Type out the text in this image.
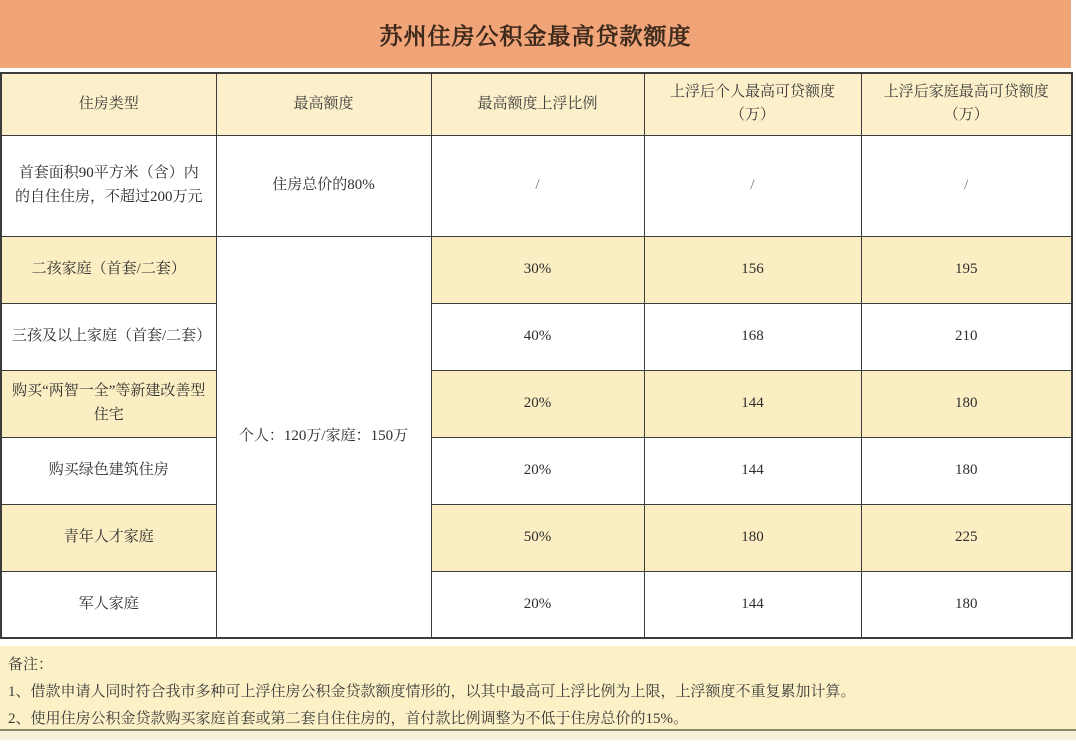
苏州住房公积金最高贷款额度
住房类型	最高额度	最高额度上浮比例	上浮后个人最高可贷额度（万）	上浮后家庭最高可贷额度（万）
首套面积90平方米（含）内的自住住房，不超过200万元	住房总价的80%	/	/	/
二孩家庭（首套/二套）	个人：120万/家庭：150万	30%	156	195
三孩及以上家庭（首套/二套）		40%	168	210
购买“两智一全”等新建改善型住宅		20%	144	180
购买绿色建筑住房		20%	144	180
青年人才家庭		50%	180	225
军人家庭		20%	144	180
备注：
1、借款申请人同时符合我市多种可上浮住房公积金贷款额度情形的，以其中最高可上浮比例为上限，上浮额度不重复累加计算。
2、使用住房公积金贷款购买家庭首套或第二套自住住房的，首付款比例调整为不低于住房总价的15%。
